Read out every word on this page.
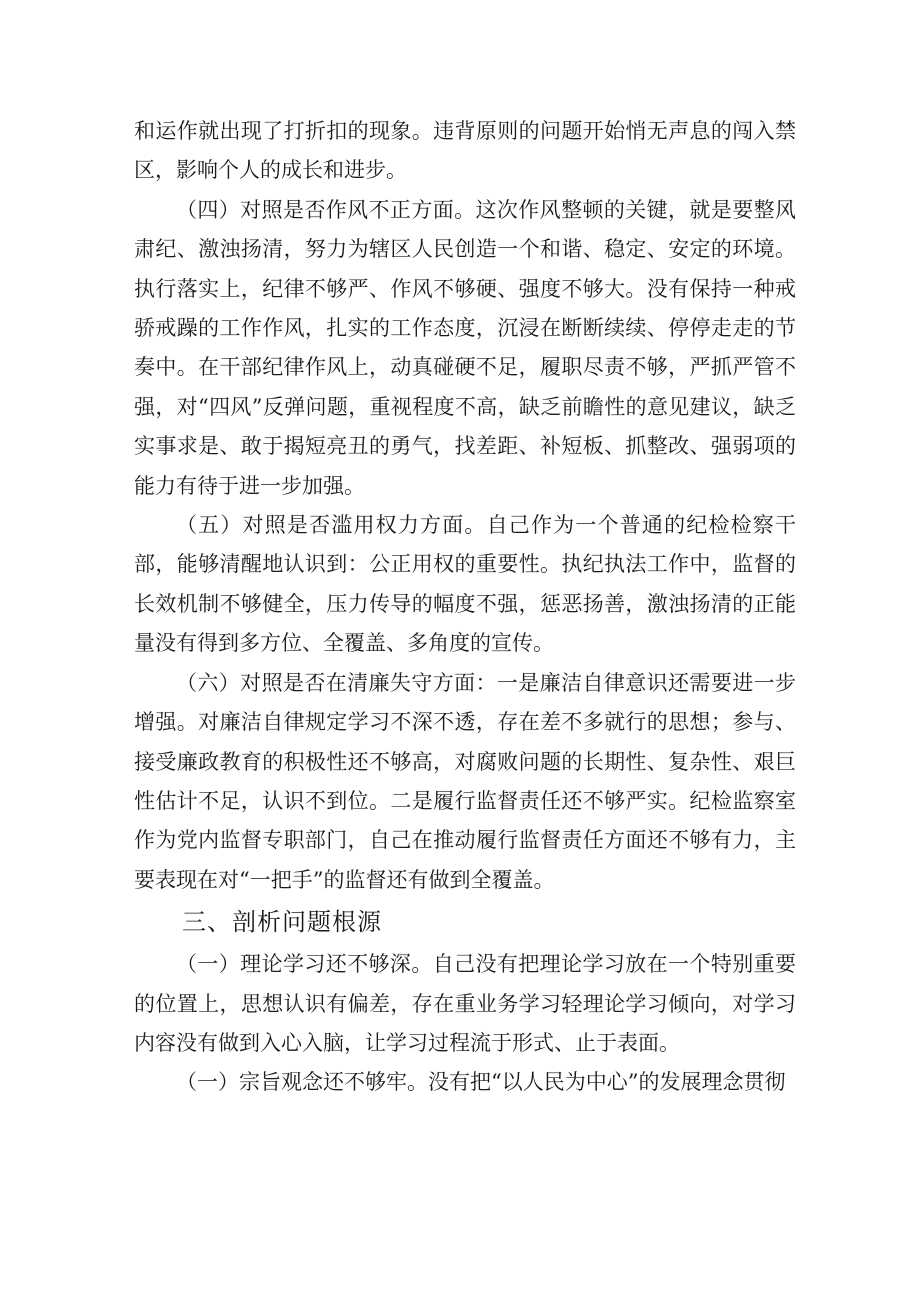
和运作就出现了打折扣的现象。违背原则的问题开始悄无声息的闯入禁区，影响个人的成长和进步。

（四）对照是否作风不正方面。这次作风整顿的关键，就是要整风肃纪、激浊扬清，努力为辖区人民创造一个和谐、稳定、安定的环境。执行落实上，纪律不够严、作风不够硬、强度不够大。没有保持一种戒骄戒躁的工作作风，扎实的工作态度，沉浸在断断续续、停停走走的节奏中。在干部纪律作风上，动真碰硬不足，履职尽责不够，严抓严管不强，对“四风”反弹问题，重视程度不高，缺乏前瞻性的意见建议，缺乏实事求是、敢于揭短亮丑的勇气，找差距、补短板、抓整改、强弱项的能力有待于进一步加强。

（五）对照是否滥用权力方面。自己作为一个普通的纪检检察干部，能够清醒地认识到：公正用权的重要性。执纪执法工作中，监督的长效机制不够健全，压力传导的幅度不强，惩恶扬善，激浊扬清的正能量没有得到多方位、全覆盖、多角度的宣传。

（六）对照是否在清廉失守方面：一是廉洁自律意识还需要进一步增强。对廉洁自律规定学习不深不透，存在差不多就行的思想；参与、接受廉政教育的积极性还不够高，对腐败问题的长期性、复杂性、艰巨性估计不足，认识不到位。二是履行监督责任还不够严实。纪检监察室作为党内监督专职部门，自己在推动履行监督责任方面还不够有力，主要表现在对“一把手”的监督还有做到全覆盖。

三、剖析问题根源

（一）理论学习还不够深。自己没有把理论学习放在一个特别重要的位置上，思想认识有偏差，存在重业务学习轻理论学习倾向，对学习内容没有做到入心入脑，让学习过程流于形式、止于表面。

（一）宗旨观念还不够牢。没有把“以人民为中心”的发展理念贯彻
